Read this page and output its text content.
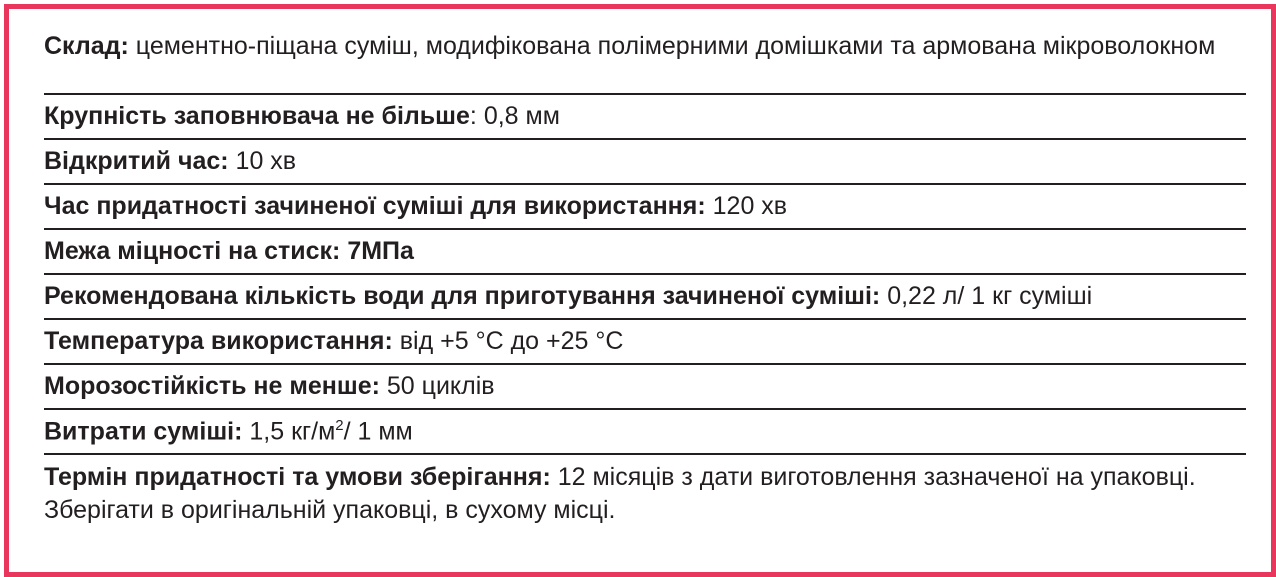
Склад: цементно-піщана суміш, модифікована полімерними домішками та армована мікроволокном
Крупність заповнювача не більше: 0,8 мм
Відкритий час: 10 хв
Час придатності зачиненої суміші для використання: 120 хв
Межа міцності на стиск: 7МПа
Рекомендована кількість води для приготування зачиненої суміші: 0,22 л/ 1 кг суміші
Температура використання: від +5 °С до +25 °С
Морозостійкість не менше: 50 циклів
Витрати суміші: 1,5 $кг/м^2/$ 1 мм
Термін придатності та умови зберігання: 12 місяців з дати виготовлення зазначеної на упаковці. Зберігати в оригінальній упаковці, в сухому місці.
